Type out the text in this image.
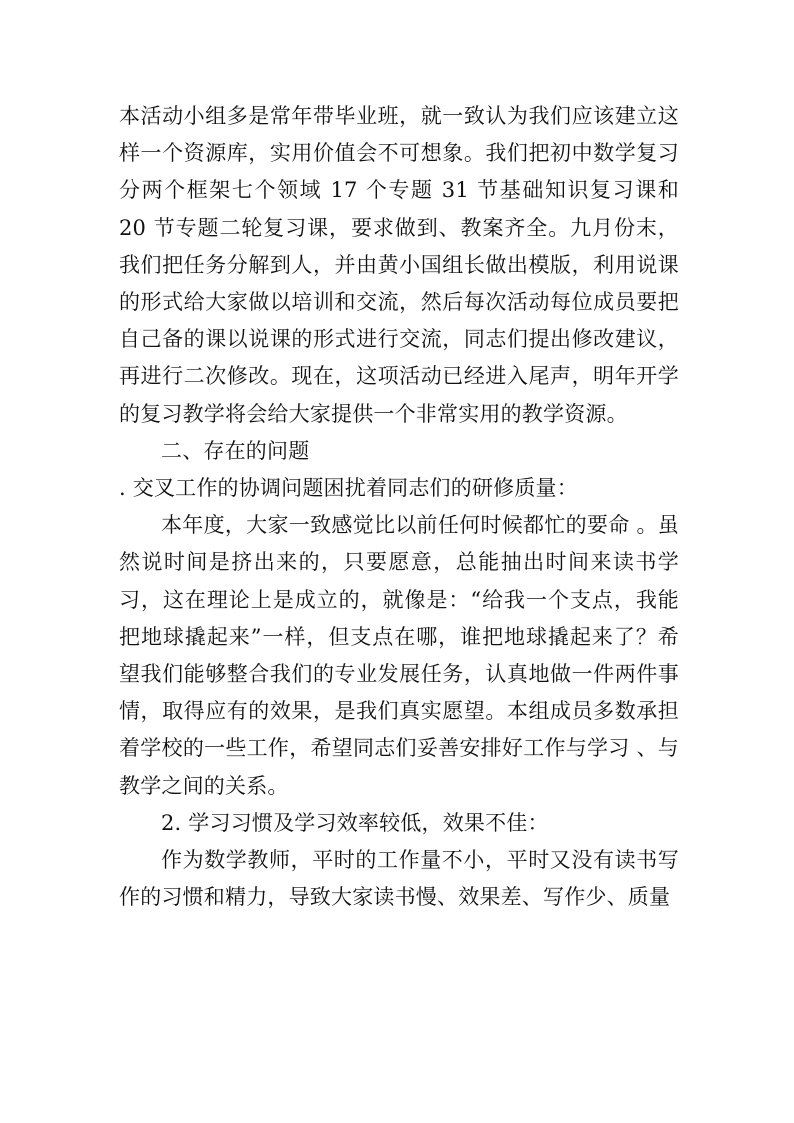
本活动小组多是常年带毕业班，就一致认为我们应该建立这样一个资源库，实用价值会不可想象。我们把初中数学复习分两个框架七个领域 17 个专题 31 节基础知识复习课和 20 节专题二轮复习课，要求做到、教案齐全。九月份末，我们把任务分解到人，并由黄小国组长做出模版，利用说课的形式给大家做以培训和交流，然后每次活动每位成员要把自己备的课以说课的形式进行交流，同志们提出修改建议，再进行二次修改。现在，这项活动已经进入尾声，明年开学的复习教学将会给大家提供一个非常实用的教学资源。

二、存在的问题

. 交叉工作的协调问题困扰着同志们的研修质量：

本年度，大家一致感觉比以前任何时候都忙的要命 。虽然说时间是挤出来的，只要愿意，总能抽出时间来读书学习，这在理论上是成立的，就像是：“给我一个支点，我能把地球撬起来”一样，但支点在哪，谁把地球撬起来了？希望我们能够整合我们的专业发展任务，认真地做一件两件事情，取得应有的效果，是我们真实愿望。本组成员多数承担着学校的一些工作，希望同志们妥善安排好工作与学习 、与教学之间的关系。

2. 学习习惯及学习效率较低，效果不佳：

作为数学教师，平时的工作量不小，平时又没有读书写作的习惯和精力，导致大家读书慢、效果差、写作少、质量
